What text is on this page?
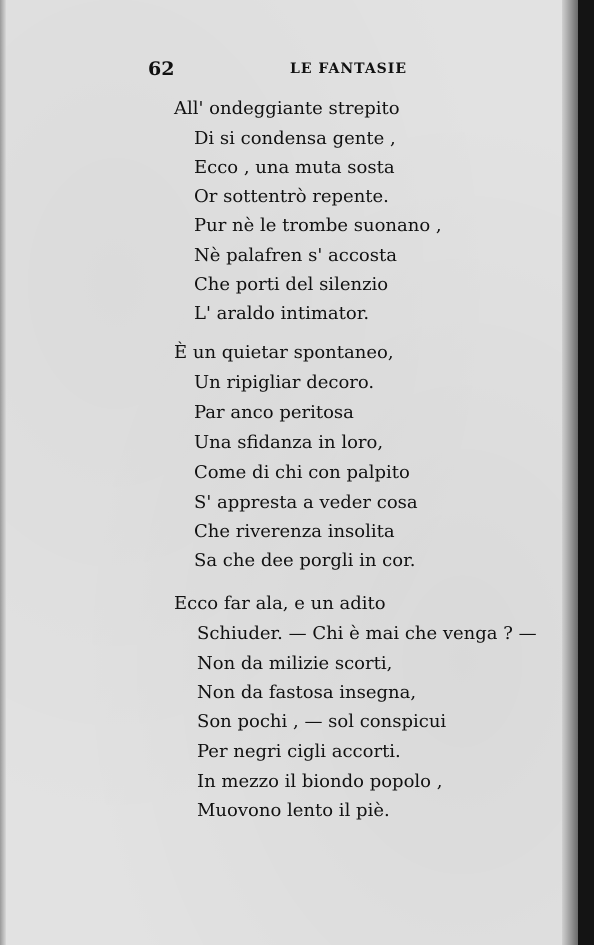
62	LE FANTASIE
All' ondeggiante strepito
Di si condensa gente ,
Ecco , una muta sosta
Or sottentrò repente.
Pur nè le trombe suonano ,
Nè palafren s' accosta
Che porti del silenzio
L' araldo intimator.
È un quietar spontaneo,
Un ripigliar decoro.
Par anco peritosa
Una sfidanza in loro,
Come di chi con palpito
S' appresta a veder cosa
Che riverenza insolita
Sa che dee porgli in cor.
Ecco far ala, e un adito
Schiuder. — Chi è mai che venga ? —
Non da milizie scorti,
Non da fastosa insegna,
Son pochi , — sol conspicui
Per negri cigli accorti.
In mezzo il biondo popolo ,
Muovono lento il piè.
